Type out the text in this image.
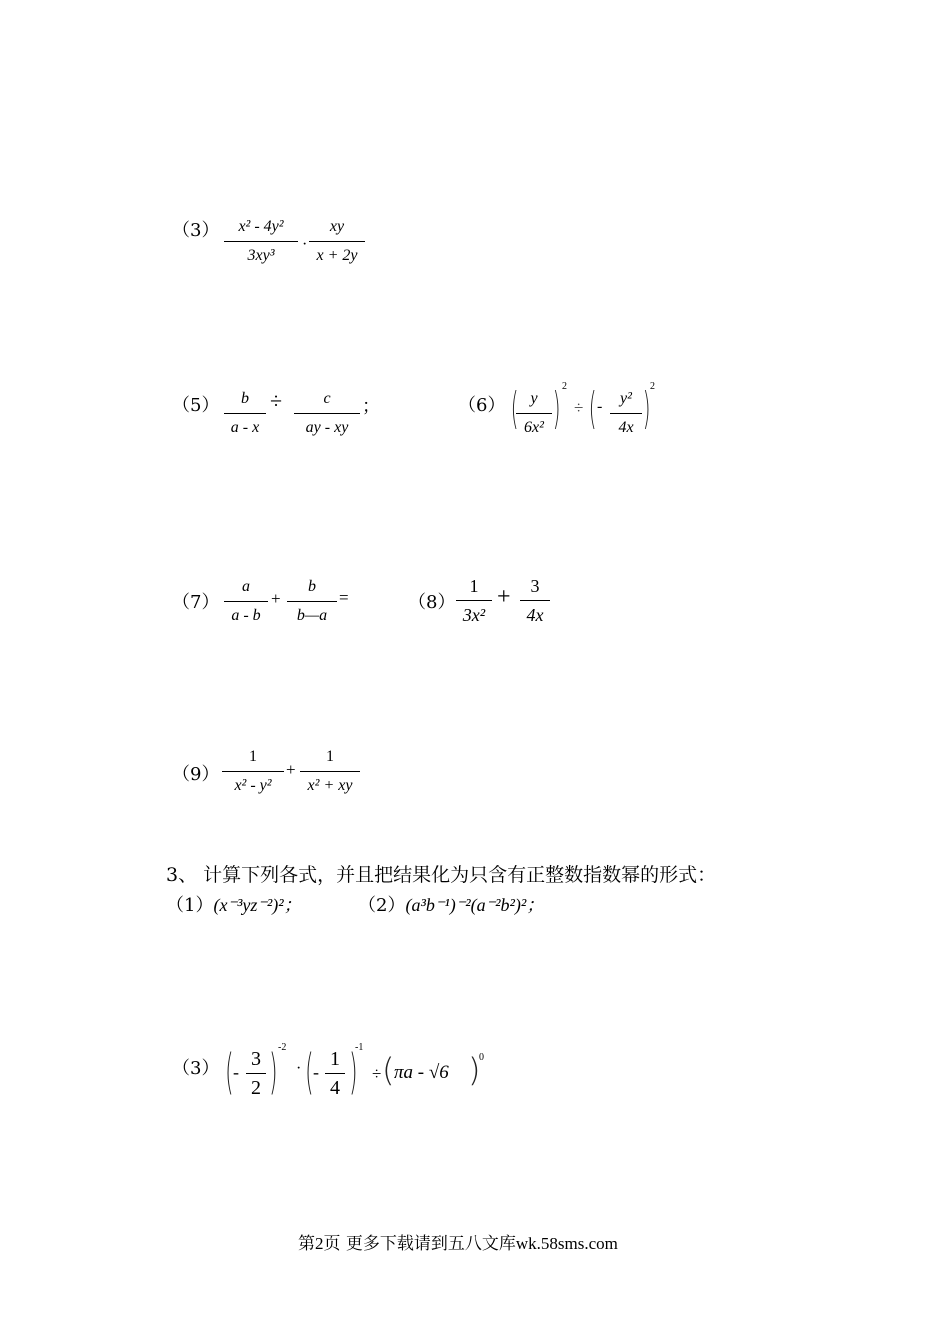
（3）	x² - 4y²
3xy³
·
xy
x + 2y
（5）	b
a - x
÷	c
ay - xy
；	（6） ( y
6x² ) 2
÷ ( -	y²
4x ) 2
（7）
a
a - b
+
b
b—a
=	（8）
1
3x²
+	3
4x
（9）
1
x² - y²
+
1
x² + xy
3、 计算下列各式，并且把结果化为只含有正整数指数幂的形式：
（1）(x⁻³yz⁻²)²；	（2）(a³b⁻¹)⁻²(a⁻²b²)²；
（3） ( -
3
2 ) -2
· ( -
1
4 )
-1
÷ ( πa - √6 )
0
第2页 更多下载请到五八文库wk.58sms.com
